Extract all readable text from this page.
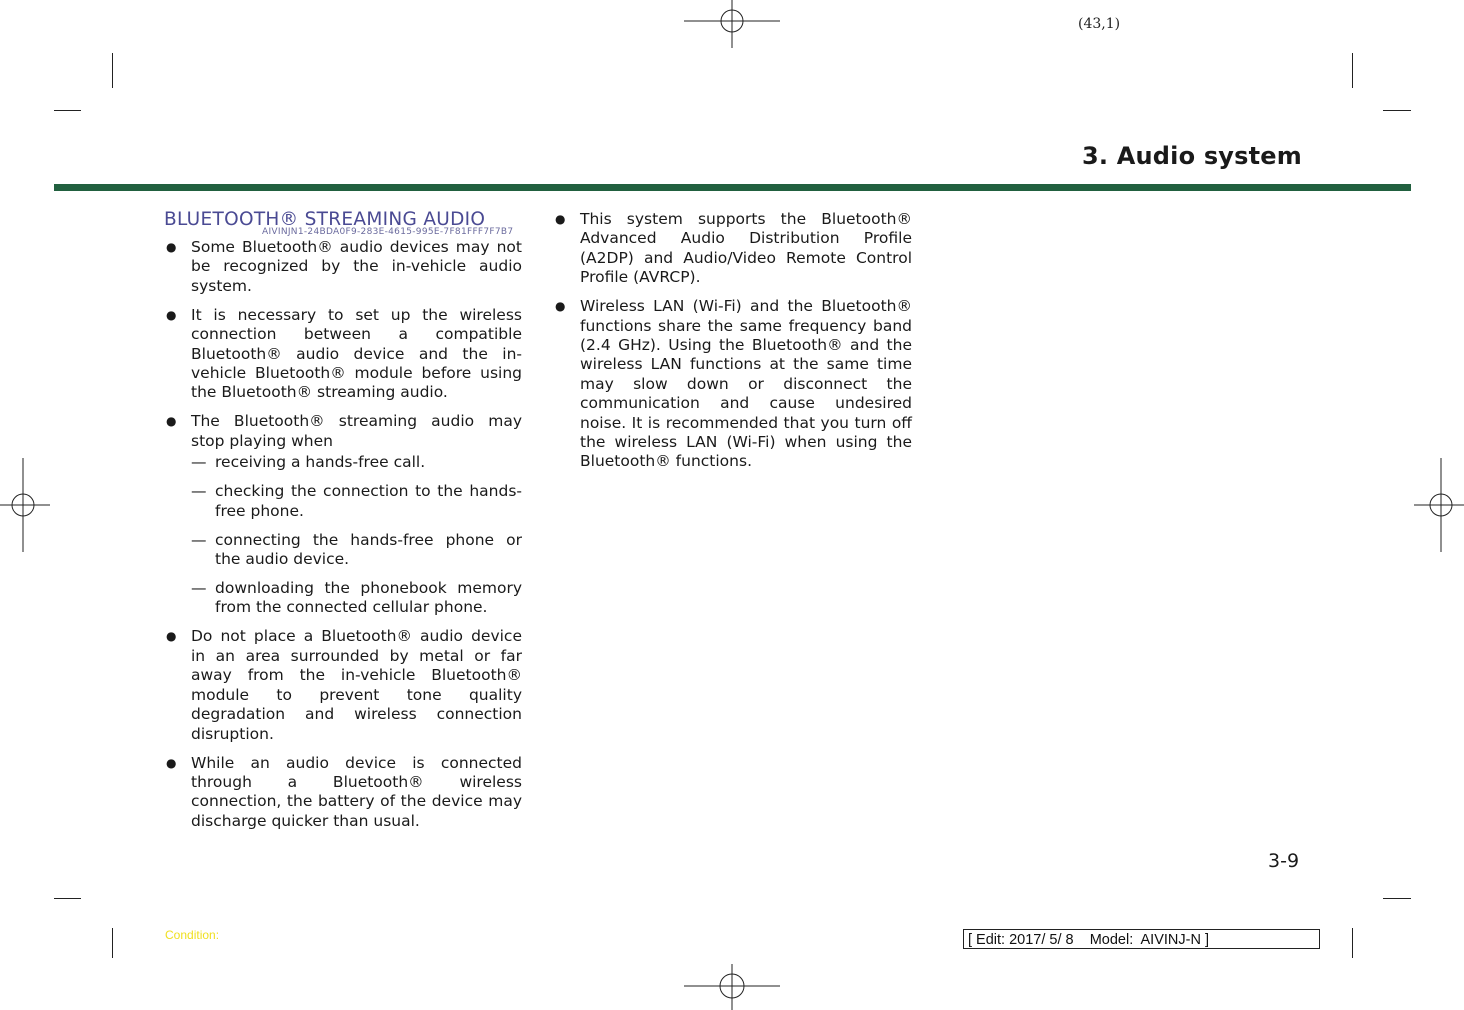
(43,1)
3. Audio system
BLUETOOTH® STREAMING AUDIO
AIVINJN1-24BDA0F9-283E-4615-995E-7F81FFF7F7B7
● Some Bluetooth® audio devices may not be recognized by the in-vehicle audio system.
● It is necessary to set up the wireless connection between a compatible Bluetooth® audio device and the in-vehicle Bluetooth® module before using the Bluetooth® streaming audio.
● The Bluetooth® streaming audio may stop playing when
— receiving a hands-free call.
— checking the connection to the hands-free phone.
— connecting the hands-free phone or the audio device.
— downloading the phonebook memory from the connected cellular phone.
● Do not place a Bluetooth® audio device in an area surrounded by metal or far away from the in-vehicle Bluetooth® module to prevent tone quality degradation and wireless connection disruption.
● While an audio device is connected through a Bluetooth® wireless connection, the battery of the device may discharge quicker than usual.
● This system supports the Bluetooth® Advanced Audio Distribution Profile (A2DP) and Audio/Video Remote Control Profile (AVRCP).
● Wireless LAN (Wi-Fi) and the Bluetooth® functions share the same frequency band (2.4 GHz). Using the Bluetooth® and the wireless LAN functions at the same time may slow down or disconnect the communication and cause undesired noise. It is recommended that you turn off the wireless LAN (Wi-Fi) when using the Bluetooth® functions.
3-9
Condition:	[ Edit: 2017/ 5/ 8    Model:  AIVINJ-N ]
